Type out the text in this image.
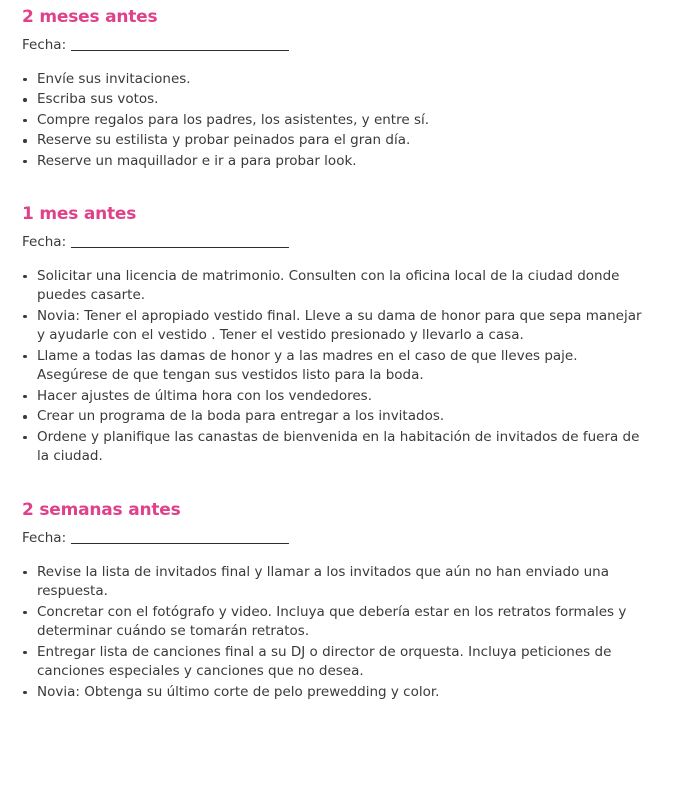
2 meses antes
Fecha:
Envíe sus invitaciones.
Escriba sus votos.
Compre regalos para los padres, los asistentes, y entre sí.
Reserve su estilista y probar peinados para el gran día.
Reserve un maquillador e ir a para probar look.
1 mes antes
Fecha:
Solicitar una licencia de matrimonio. Consulten con la oficina local de la ciudad donde puedes casarte.
Novia: Tener el apropiado vestido final. Lleve a su dama de honor para que sepa manejar y ayudarle con el vestido . Tener el vestido presionado y llevarlo a casa.
Llame a todas las damas de honor y a las madres en el caso de que lleves paje. Asegúrese de que tengan sus vestidos listo para la boda.
Hacer ajustes de última hora con los vendedores.
Crear un programa de la boda para entregar a los invitados.
Ordene y planifique las canastas de bienvenida en la habitación de invitados de fuera de la ciudad.
2 semanas antes
Fecha:
Revise la lista de invitados final y llamar a los invitados que aún no han enviado una respuesta.
Concretar con el fotógrafo y video. Incluya que debería estar en los retratos formales y determinar cuándo se tomarán retratos.
Entregar lista de canciones final a su DJ o director de orquesta. Incluya peticiones de canciones especiales y canciones que no desea.
Novia: Obtenga su último corte de pelo prewedding y color.
